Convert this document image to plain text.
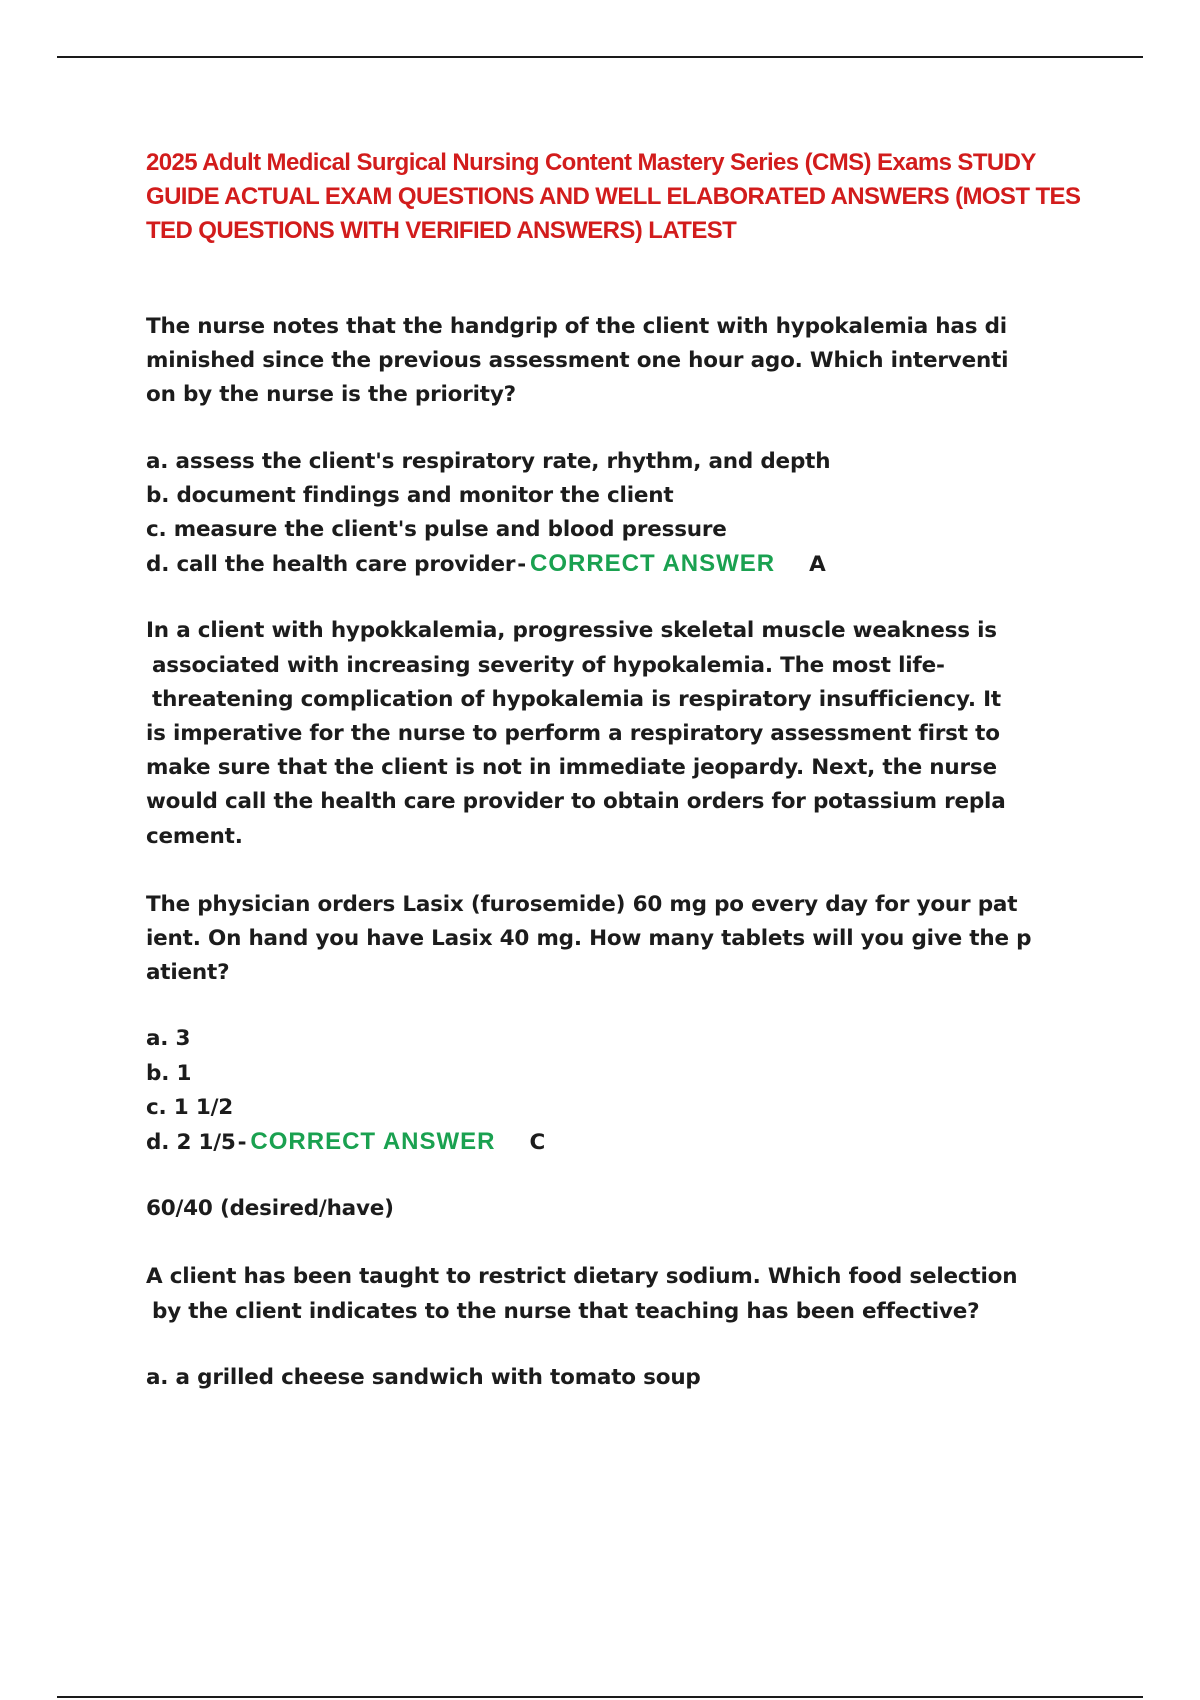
2025 Adult Medical Surgical Nursing Content Mastery Series (CMS) Exams STUDY
GUIDE ACTUAL EXAM QUESTIONS AND WELL ELABORATED ANSWERS (MOST TES
TED QUESTIONS WITH VERIFIED ANSWERS) LATEST

The nurse notes that the handgrip of the client with hypokalemia has di
minished since the previous assessment one hour ago. Which interventi
on by the nurse is the priority?

a. assess the client's respiratory rate, rhythm, and depth
b. document findings and monitor the client
c. measure the client's pulse and blood pressure
d. call the health care provider- CORRECT ANSWER A

In a client with hypokkalemia, progressive skeletal muscle weakness is
associated with increasing severity of hypokalemia. The most life-
threatening complication of hypokalemia is respiratory insufficiency. It
is imperative for the nurse to perform a respiratory assessment first to
make sure that the client is not in immediate jeopardy. Next, the nurse
would call the health care provider to obtain orders for potassium repla
cement.

The physician orders Lasix (furosemide) 60 mg po every day for your pat
ient. On hand you have Lasix 40 mg. How many tablets will you give the p
atient?

a. 3
b. 1
c. 1 1/2
d. 2 1/5- CORRECT ANSWER C

60/40 (desired/have)

A client has been taught to restrict dietary sodium. Which food selection
by the client indicates to the nurse that teaching has been effective?

a. a grilled cheese sandwich with tomato soup
